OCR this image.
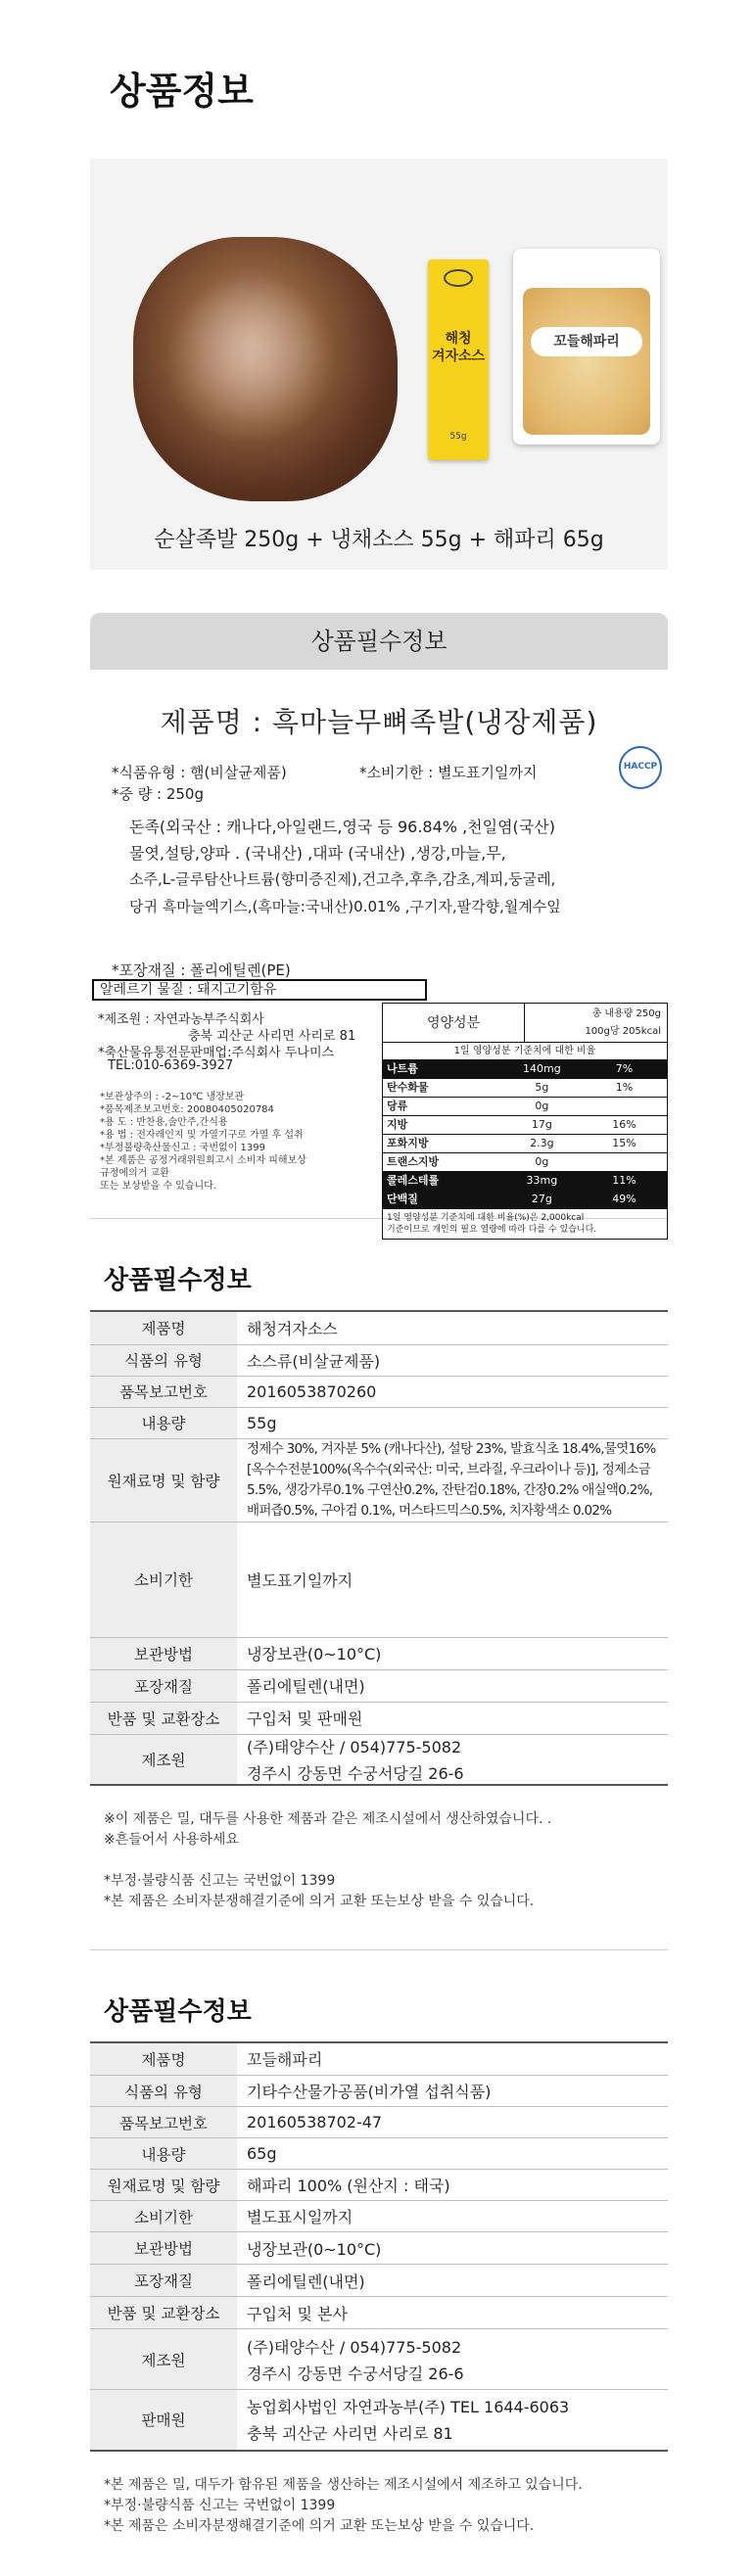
상품정보
해청
겨자소스
55g
꼬들해파리
순살족발 250g + 냉채소스 55g + 해파리 65g
상품필수정보
제품명 : 흑마늘무뼈족발(냉장제품)
HACCP
*식품유형 : 햄(비살균제품)	*소비기한 : 별도표기일까지
*중 량 : 250g
돈족(외국산 : 캐나다,아일랜드,영국 등 96.84% ,천일염(국산)
물엿,설탕,양파 . (국내산) ,대파 (국내산) ,생강,마늘,무,
소주,L-글루탐산나트륨(향미증진제),건고추,후추,감초,계피,둥굴레,
당귀 흑마늘엑기스,(흑마늘:국내산)0.01% ,구기자,팔각향,월계수잎
*포장재질 : 폴리에틸렌(PE)
알레르기 물질 : 돼지고기함유
*제조원 : 자연과농부주식회사
충북 괴산군 사리면 사리로 81
*축산물유통전문판매업:주식회사 두나미스
TEL:010-6369-3927
*보관상주의 : -2~10℃ 냉장보관
*품목제조보고번호: 20080405020784
*용 도 : 반찬용,술안주,간식용
*용 법 : 전자레인지 및 가열기구로 가열 후 섭취
*부정불량축산물신고 : 국번없이 1399
*본 제품은 공정거래위원회고시 소비자 피해보상
규정에의거 교환
또는 보상받을 수 있습니다.
영양성분
총 내용량 250g
100g당 205kcal
1일 영양성분 기준치에 대한 비율
나트륨	140mg	7%
탄수화물	5g	1%
당류	0g
지방	17g	16%
포화지방	2.3g	15%
트랜스지방	0g
콜레스테롤	33mg	11%
단백질	27g	49%
1일 영양성분 기준치에 대한 비율(%)은 2,000kcal
기준이므로 개인의 필요 열량에 따라 다를 수 있습니다.
상품필수정보
제품명	해청겨자소스

식품의 유형	소스류(비살균제품)

품목보고번호	2016053870260

내용량	55g

원재료명 및 함량	정제수 30%, 겨자분 5% (캐나다산), 설탕 23%, 발효식초 18.4%,물엿16% [옥수수전분100%(옥수수(외국산: 미국, 브라질, 우크라이나 등)], 정제소금5.5%, 생강가루0.1% 구연산0.2%, 잔탄검0.18%, 간장0.2% 애실액0.2%, 배퍼즙0.5%, 구아검 0.1%, 머스타드믹스0.5%, 치자황색소 0.02%

소비기한	별도표기일까지

보관방법	냉장보관(0~10°C)

포장재질	폴리에틸렌(내면)

반품 및 교환장소	구입처 및 판매원

제조원	(주)태양수산 / 054)775-5082
경주시 강동면 수궁서당길 26-6
※이 제품은 밀, 대두를 사용한 제품과 같은 제조시설에서 생산하였습니다. .
※흔들어서 사용하세요

*부정·불량식품 신고는 국번없이 1399
*본 제품은 소비자분쟁해결기준에 의거 교환 또는보상 받을 수 있습니다.
상품필수정보
제품명	꼬들해파리

식품의 유형	기타수산물가공품(비가열 섭취식품)

품목보고번호	20160538702-47

내용량	65g

원재료명 및 함량	해파리 100% (원산지 : 태국)

소비기한	별도표시일까지

보관방법	냉장보관(0~10°C)

포장재질	폴리에틸렌(내면)

반품 및 교환장소	구입처 및 본사

제조원	(주)태양수산 / 054)775-5082
경주시 강동면 수궁서당길 26-6

판매원	농업회사법인 자연과농부(주) TEL 1644-6063
충북 괴산군 사리면 사리로 81
*본 제품은 밀, 대두가 함유된 제품을 생산하는 제조시설에서 제조하고 있습니다.
*부정·불량식품 신고는 국번없이 1399
*본 제품은 소비자분쟁해결기준에 의거 교환 또는보상 받을 수 있습니다.
